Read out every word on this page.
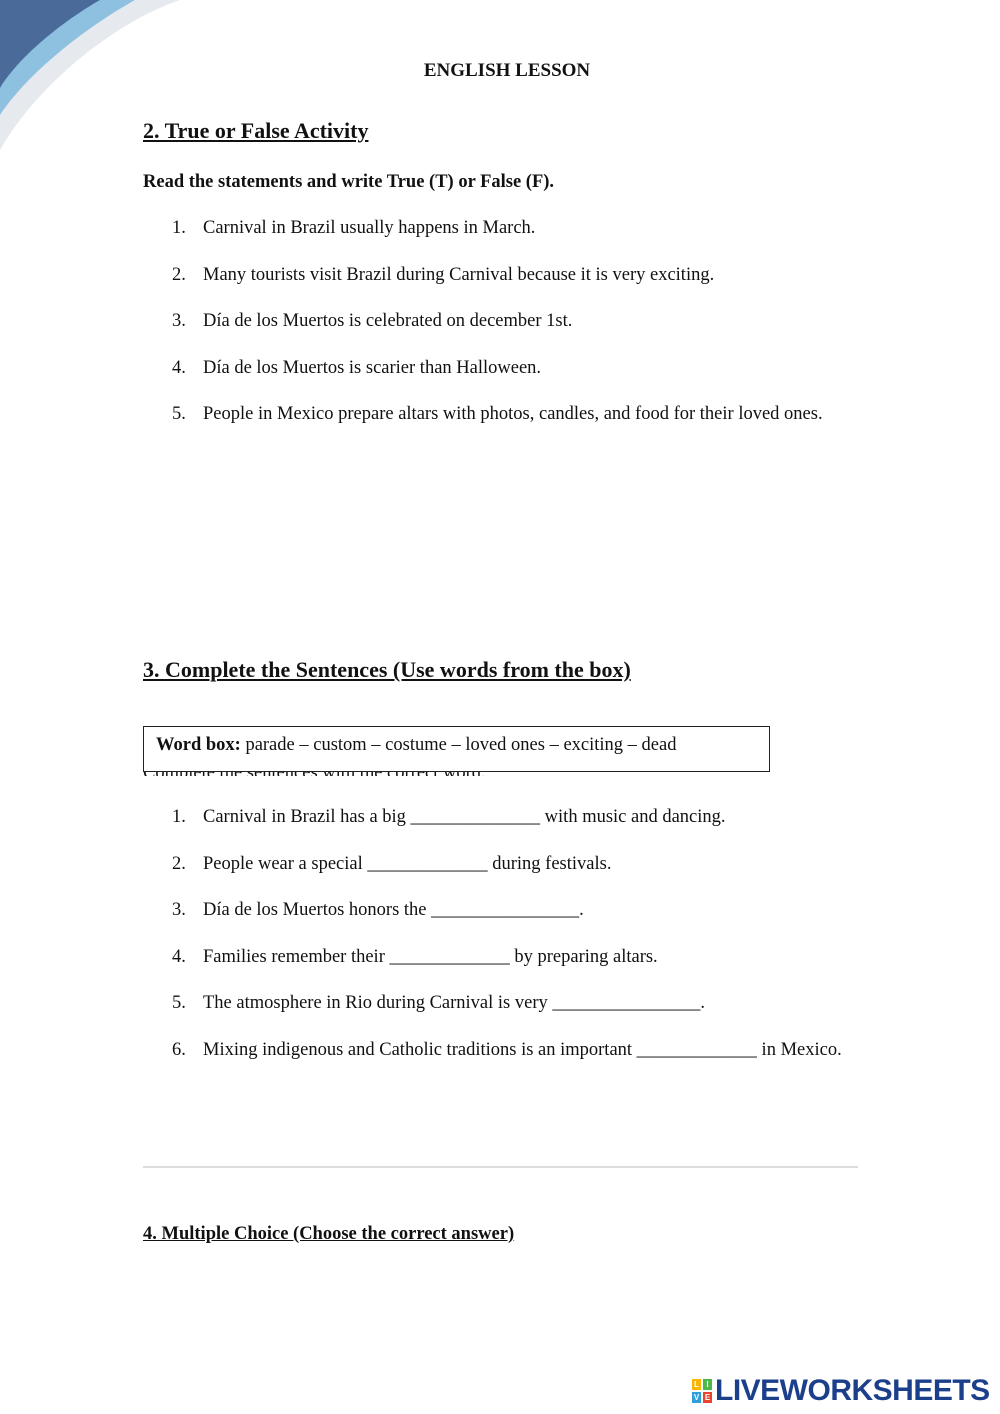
ENGLISH LESSON
2. True or False Activity
Read the statements and write True (T) or False (F).
1. Carnival in Brazil usually happens in March.
2. Many tourists visit Brazil during Carnival because it is very exciting.
3. Día de los Muertos is celebrated on december 1st.
4. Día de los Muertos is scarier than Halloween.
5. People in Mexico prepare altars with photos, candles, and food for their loved ones.
3. Complete the Sentences (Use words from the box)
Word box: parade – custom – costume – loved ones – exciting – dead
1. Carnival in Brazil has a big ______________ with music and dancing.
2. People wear a special _____________ during festivals.
3. Día de los Muertos honors the ________________.
4. Families remember their _____________ by preparing altars.
5. The atmosphere in Rio during Carnival is very ________________.
6. Mixing indigenous and Catholic traditions is an important _____________ in Mexico.
4. Multiple Choice (Choose the correct answer)
L I
V E LIVEWORKSHEETS
